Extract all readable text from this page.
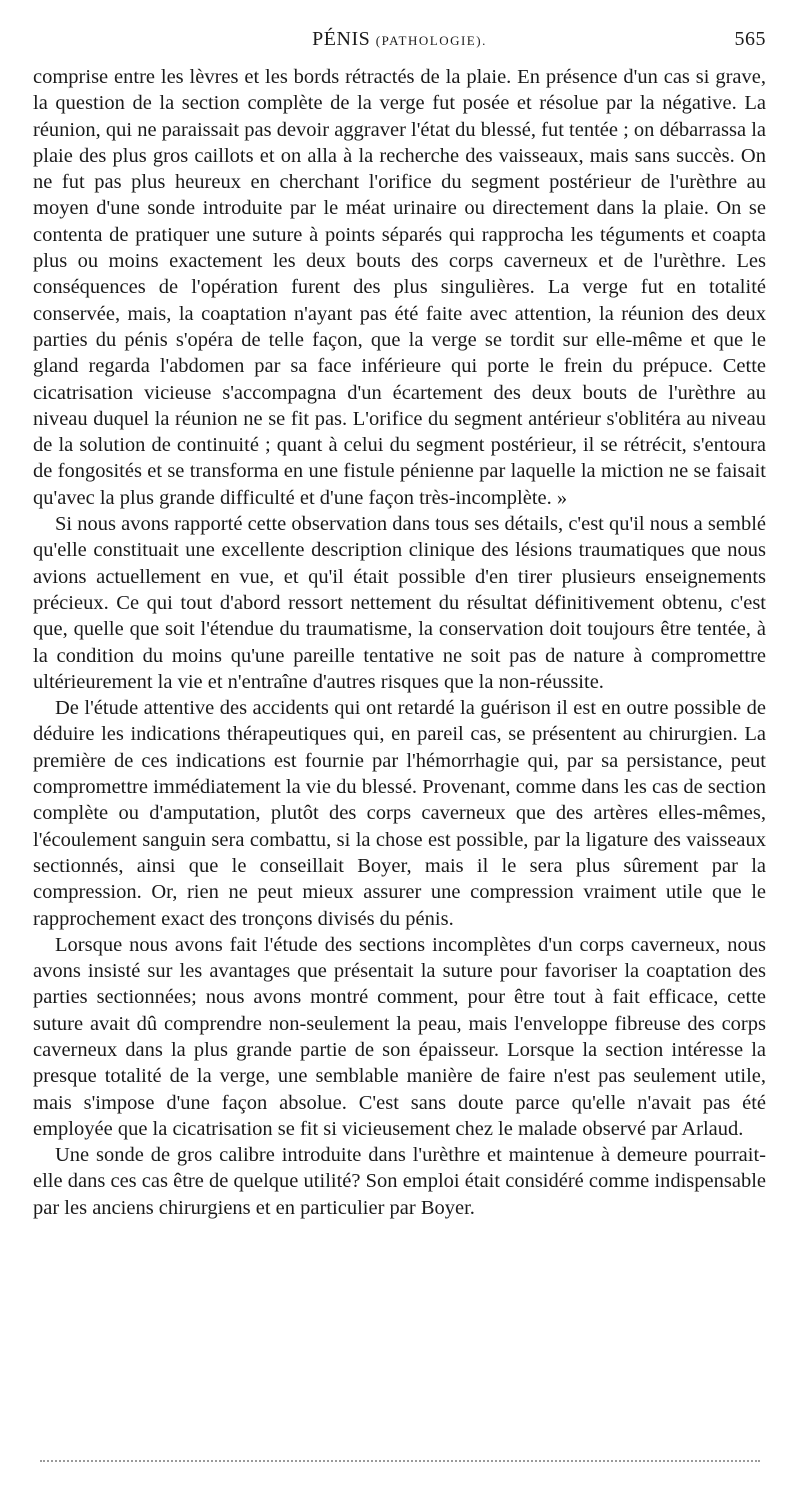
PÉNIS (PATHOLOGIE).	565

comprise entre les lèvres et les bords rétractés de la plaie. En présence d'un cas si grave, la question de la section complète de la verge fut posée et résolue par la négative. La réunion, qui ne paraissait pas devoir aggraver l'état du blessé, fut tentée ; on débarrassa la plaie des plus gros caillots et on alla à la recherche des vaisseaux, mais sans succès. On ne fut pas plus heureux en cherchant l'orifice du segment postérieur de l'urèthre au moyen d'une sonde introduite par le méat urinaire ou directement dans la plaie. On se contenta de pratiquer une suture à points séparés qui rapprocha les téguments et coapta plus ou moins exactement les deux bouts des corps caverneux et de l'urèthre. Les conséquences de l'opération furent des plus singulières. La verge fut en totalité conservée, mais, la coaptation n'ayant pas été faite avec attention, la réunion des deux parties du pénis s'opéra de telle façon, que la verge se tordit sur elle-même et que le gland regarda l'abdomen par sa face inférieure qui porte le frein du prépuce. Cette cicatrisation vicieuse s'accompagna d'un écartement des deux bouts de l'urèthre au niveau duquel la réunion ne se fit pas. L'orifice du segment antérieur s'oblitéra au niveau de la solution de continuité ; quant à celui du segment postérieur, il se rétrécit, s'entoura de fongosités et se transforma en une fistule pénienne par laquelle la miction ne se faisait qu'avec la plus grande difficulté et d'une façon très-incomplète. »

Si nous avons rapporté cette observation dans tous ses détails, c'est qu'il nous a semblé qu'elle constituait une excellente description clinique des lésions traumatiques que nous avions actuellement en vue, et qu'il était possible d'en tirer plusieurs enseignements précieux. Ce qui tout d'abord ressort nettement du résultat définitivement obtenu, c'est que, quelle que soit l'étendue du traumatisme, la conservation doit toujours être tentée, à la condition du moins qu'une pareille tentative ne soit pas de nature à compromettre ultérieurement la vie et n'entraîne d'autres risques que la non-réussite.

De l'étude attentive des accidents qui ont retardé la guérison il est en outre possible de déduire les indications thérapeutiques qui, en pareil cas, se présentent au chirurgien. La première de ces indications est fournie par l'hémorrhagie qui, par sa persistance, peut compromettre immédiatement la vie du blessé. Provenant, comme dans les cas de section complète ou d'amputation, plutôt des corps caverneux que des artères elles-mêmes, l'écoulement sanguin sera combattu, si la chose est possible, par la ligature des vaisseaux sectionnés, ainsi que le conseillait Boyer, mais il le sera plus sûrement par la compression. Or, rien ne peut mieux assurer une compression vraiment utile que le rapprochement exact des tronçons divisés du pénis.

Lorsque nous avons fait l'étude des sections incomplètes d'un corps caverneux, nous avons insisté sur les avantages que présentait la suture pour favoriser la coaptation des parties sectionnées; nous avons montré comment, pour être tout à fait efficace, cette suture avait dû comprendre non-seulement la peau, mais l'enveloppe fibreuse des corps caverneux dans la plus grande partie de son épaisseur. Lorsque la section intéresse la presque totalité de la verge, une semblable manière de faire n'est pas seulement utile, mais s'impose d'une façon absolue. C'est sans doute parce qu'elle n'avait pas été employée que la cicatrisation se fit si vicieusement chez le malade observé par Arlaud.

Une sonde de gros calibre introduite dans l'urèthre et maintenue à demeure pourrait-elle dans ces cas être de quelque utilité? Son emploi était considéré comme indispensable par les anciens chirurgiens et en particulier par Boyer.
